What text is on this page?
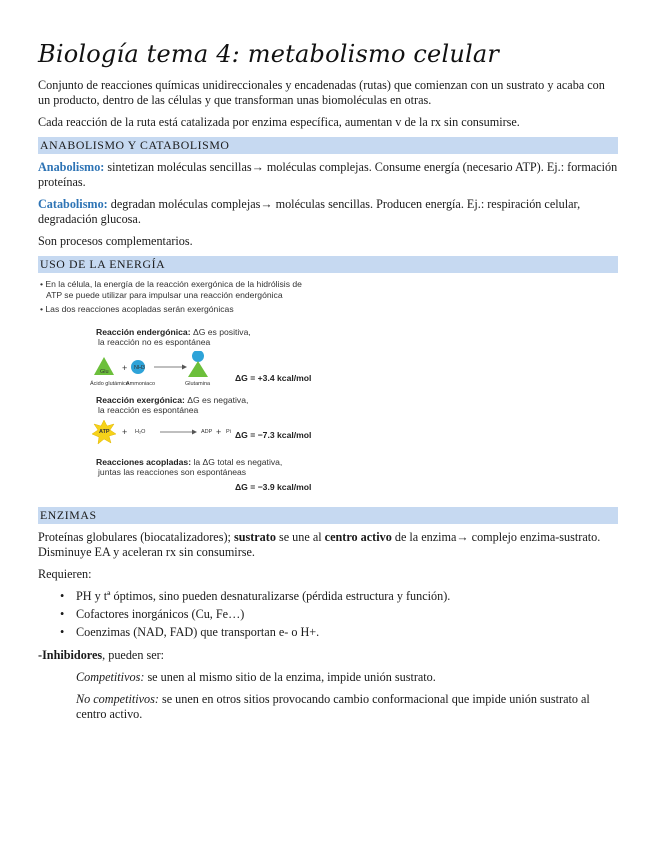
Biología tema 4: metabolismo celular

Conjunto de reacciones químicas unidireccionales y encadenadas (rutas) que comienzan con un sustrato y acaba con un producto, dentro de las células y que transforman unas biomoléculas en otras.

Cada reacción de la ruta está catalizada por enzima específica, aumentan v de la rx sin consumirse.

ANABOLISMO Y CATABOLISMO

Anabolismo: sintetizan moléculas sencillas→ moléculas complejas. Consume energía (necesario ATP). Ej.: formación proteínas.

Catabolismo: degradan moléculas complejas→ moléculas sencillas. Producen energía. Ej.: respiración celular, degradación glucosa.

Son procesos complementarios.

USO DE LA ENERGÍA
• En la célula, la energía de la reacción exergónica de la hidrólisis de
ATP se puede utilizar para impulsar una reacción endergónica
• Las dos reacciones acopladas serán exergónicas
Reacción endergónica: ΔG es positiva,
la reacción no es espontánea
+
Glu
NH3
Ácido glutámico
Ammoniaco	Glutamina
ΔG = +3.4 kcal/mol
Reacción exergónica: ΔG es negativa,
la reacción es espontánea
+	+
ATP	H₂O	ADP Pi ΔG = −7.3 kcal/mol
Reacciones acopladas: la ΔG total es negativa,
juntas las reacciones son espontáneas
ΔG = −3.9 kcal/mol
ENZIMAS

Proteínas globulares (biocatalizadores); sustrato se une al centro activo de la enzima→ complejo enzima-sustrato. Disminuye EA y aceleran rx sin consumirse.

Requieren:

• PH y tª óptimos, sino pueden desnaturalizarse (pérdida estructura y función).
• Cofactores inorgánicos (Cu, Fe…)
• Coenzimas (NAD, FAD) que transportan e- o H+.

-Inhibidores, pueden ser:

Competitivos: se unen al mismo sitio de la enzima, impide unión sustrato.

No competitivos: se unen en otros sitios provocando cambio conformacional que impide unión sustrato al centro activo.
